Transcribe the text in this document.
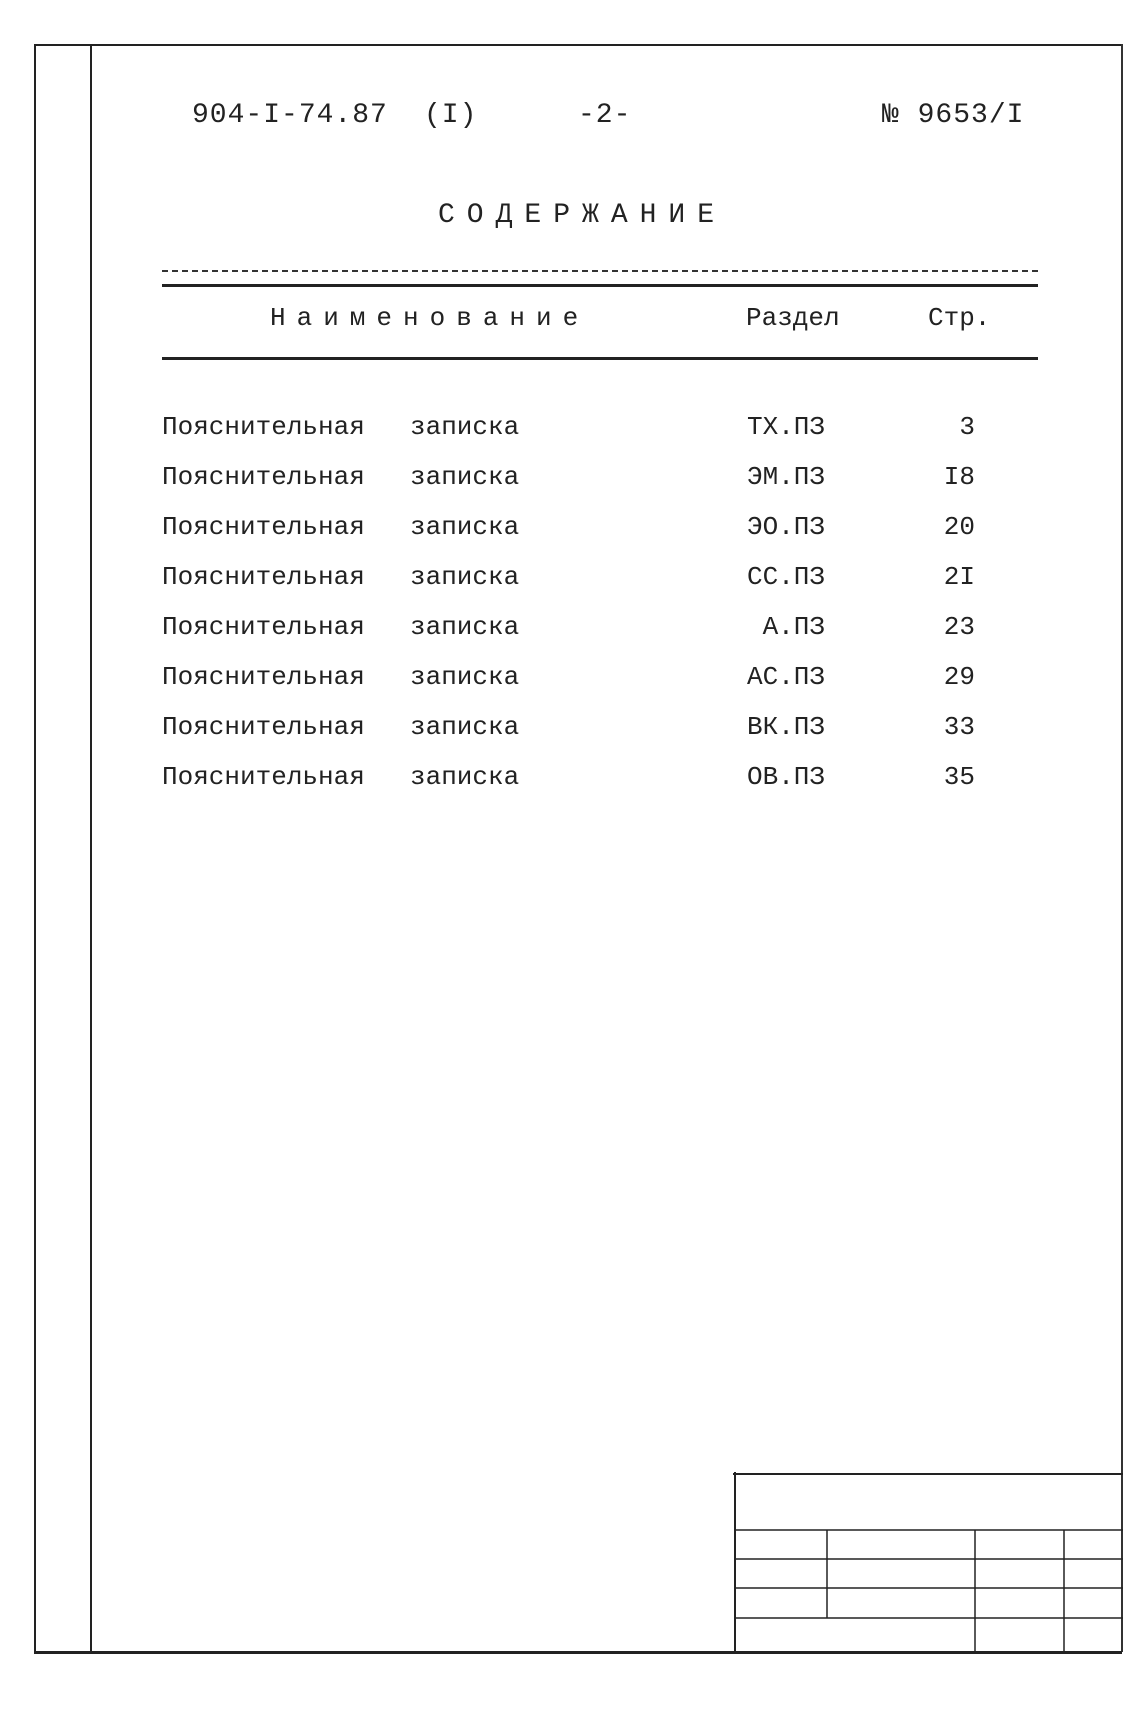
904-I-74.87 (I)	-2-	№ 9653/I
СОДЕРЖАНИЕ
Наименование	Раздел	Стр.
Пояснительная записка	ТХ.ПЗ	3
Пояснительная записка	ЭМ.ПЗ	I8
Пояснительная записка	ЭО.ПЗ	20
Пояснительная записка	СС.ПЗ	2I
Пояснительная записка	А.ПЗ	23
Пояснительная записка	АС.ПЗ	29
Пояснительная записка	ВК.ПЗ	33
Пояснительная записка	ОВ.ПЗ	35
